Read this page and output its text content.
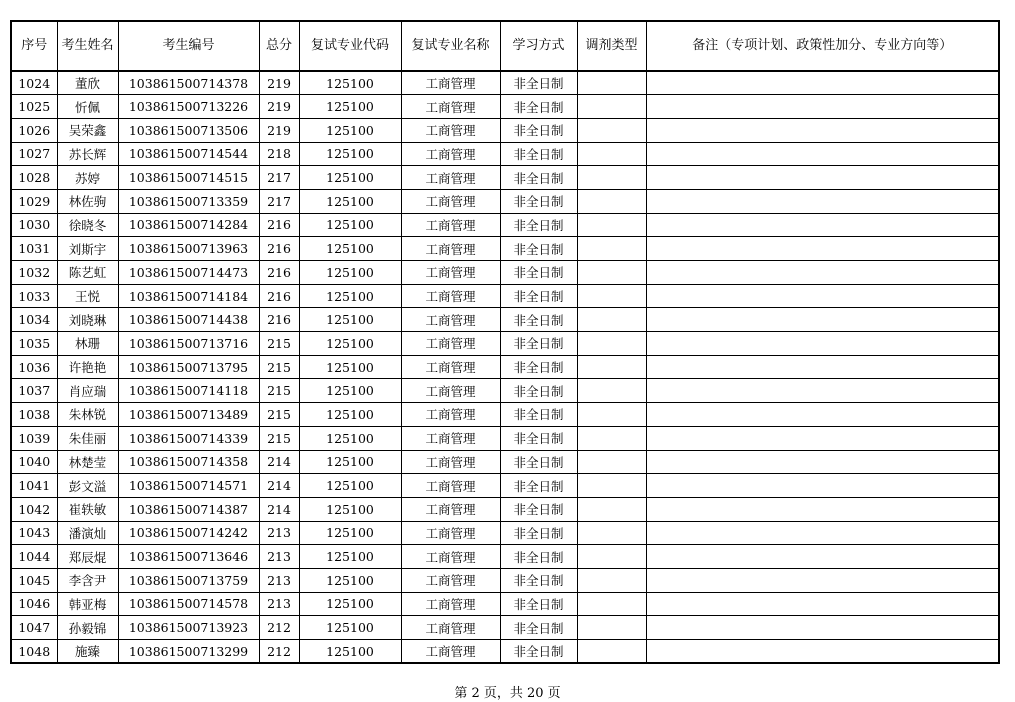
序号	考生姓名	考生编号	总分	复试专业代码	复试专业名称	学习方式	调剂类型	备注（专项计划、政策性加分、专业方向等）
1024	董欣	103861500714378	219	125100	工商管理	非全日制		
1025	忻佩	103861500713226	219	125100	工商管理	非全日制		
1026	吴荣鑫	103861500713506	219	125100	工商管理	非全日制		
1027	苏长辉	103861500714544	218	125100	工商管理	非全日制		
1028	苏婷	103861500714515	217	125100	工商管理	非全日制		
1029	林佐驹	103861500713359	217	125100	工商管理	非全日制		
1030	徐晓冬	103861500714284	216	125100	工商管理	非全日制		
1031	刘斯宇	103861500713963	216	125100	工商管理	非全日制		
1032	陈艺虹	103861500714473	216	125100	工商管理	非全日制		
1033	王悦	103861500714184	216	125100	工商管理	非全日制		
1034	刘晓琳	103861500714438	216	125100	工商管理	非全日制		
1035	林珊	103861500713716	215	125100	工商管理	非全日制		
1036	许艳艳	103861500713795	215	125100	工商管理	非全日制		
1037	肖应瑞	103861500714118	215	125100	工商管理	非全日制		
1038	朱林锐	103861500713489	215	125100	工商管理	非全日制		
1039	朱佳丽	103861500714339	215	125100	工商管理	非全日制		
1040	林楚莹	103861500714358	214	125100	工商管理	非全日制		
1041	彭文溢	103861500714571	214	125100	工商管理	非全日制		
1042	崔轶敏	103861500714387	214	125100	工商管理	非全日制		
1043	潘演灿	103861500714242	213	125100	工商管理	非全日制		
1044	郑辰焜	103861500713646	213	125100	工商管理	非全日制		
1045	李含尹	103861500713759	213	125100	工商管理	非全日制		
1046	韩亚梅	103861500714578	213	125100	工商管理	非全日制		
1047	孙毅锦	103861500713923	212	125100	工商管理	非全日制		
1048	施臻	103861500713299	212	125100	工商管理	非全日制		
第 2 页，共 20 页
